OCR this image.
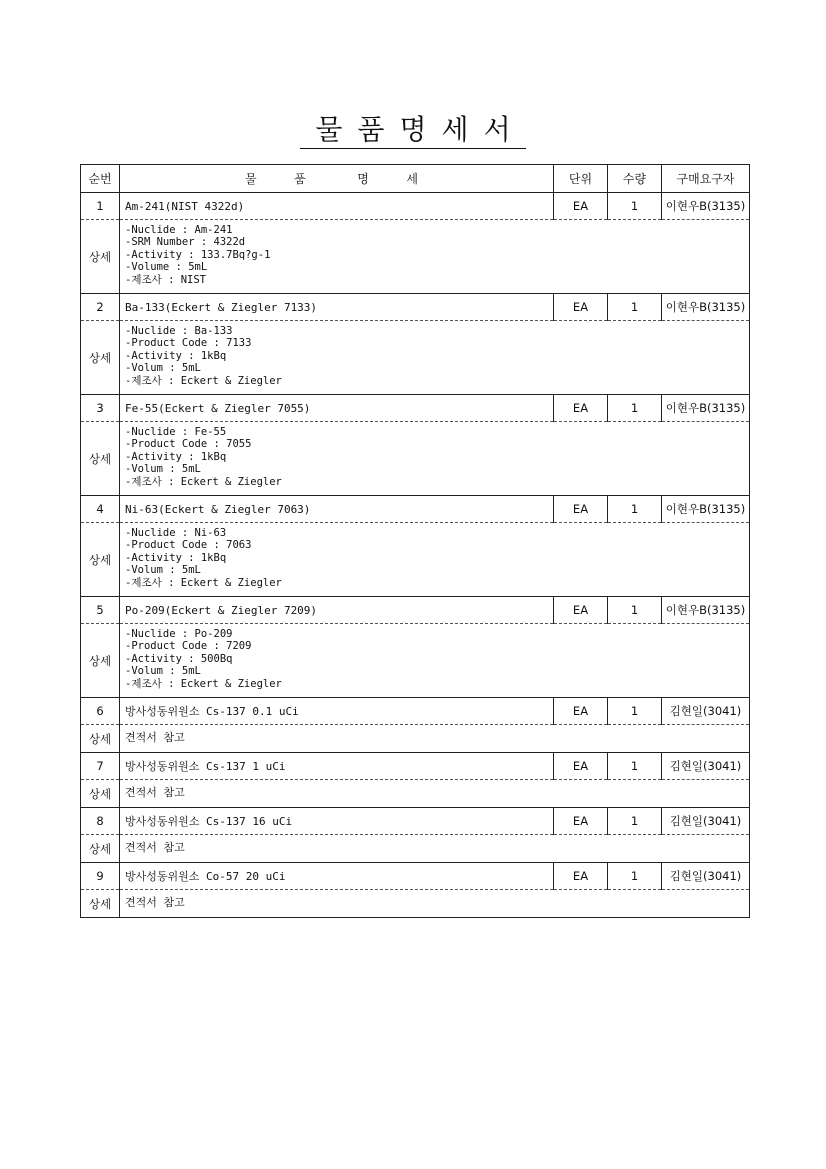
물품명세서
순번	물  품   명  세	단위	수량	구매요구자
1	Am-241(NIST 4322d)	EA	1	이현우B(3135)
상세	-Nuclide : Am-241
-SRM Number : 4322d
-Activity : 133.7Bq?g-1
-Volume : 5mL
-제조사 : NIST			
2	Ba-133(Eckert & Ziegler 7133)	EA	1	이현우B(3135)
상세	-Nuclide : Ba-133
-Product Code : 7133
-Activity : 1kBq
-Volum : 5mL
-제조사 : Eckert & Ziegler			
3	Fe-55(Eckert & Ziegler 7055)	EA	1	이현우B(3135)
상세	-Nuclide : Fe-55
-Product Code : 7055
-Activity : 1kBq
-Volum : 5mL
-제조사 : Eckert & Ziegler			
4	Ni-63(Eckert & Ziegler 7063)	EA	1	이현우B(3135)
상세	-Nuclide : Ni-63
-Product Code : 7063
-Activity : 1kBq
-Volum : 5mL
-제조사 : Eckert & Ziegler			
5	Po-209(Eckert & Ziegler 7209)	EA	1	이현우B(3135)
상세	-Nuclide : Po-209
-Product Code : 7209
-Activity : 500Bq
-Volum : 5mL
-제조사 : Eckert & Ziegler			
6	방사성동위원소 Cs-137 0.1 uCi	EA	1	김현일(3041)
상세	견적서 참고			
7	방사성동위원소 Cs-137 1 uCi	EA	1	김현일(3041)
상세	견적서 참고			
8	방사성동위원소 Cs-137 16 uCi	EA	1	김현일(3041)
상세	견적서 참고			
9	방사성동위원소 Co-57 20 uCi	EA	1	김현일(3041)
상세	견적서 참고			
